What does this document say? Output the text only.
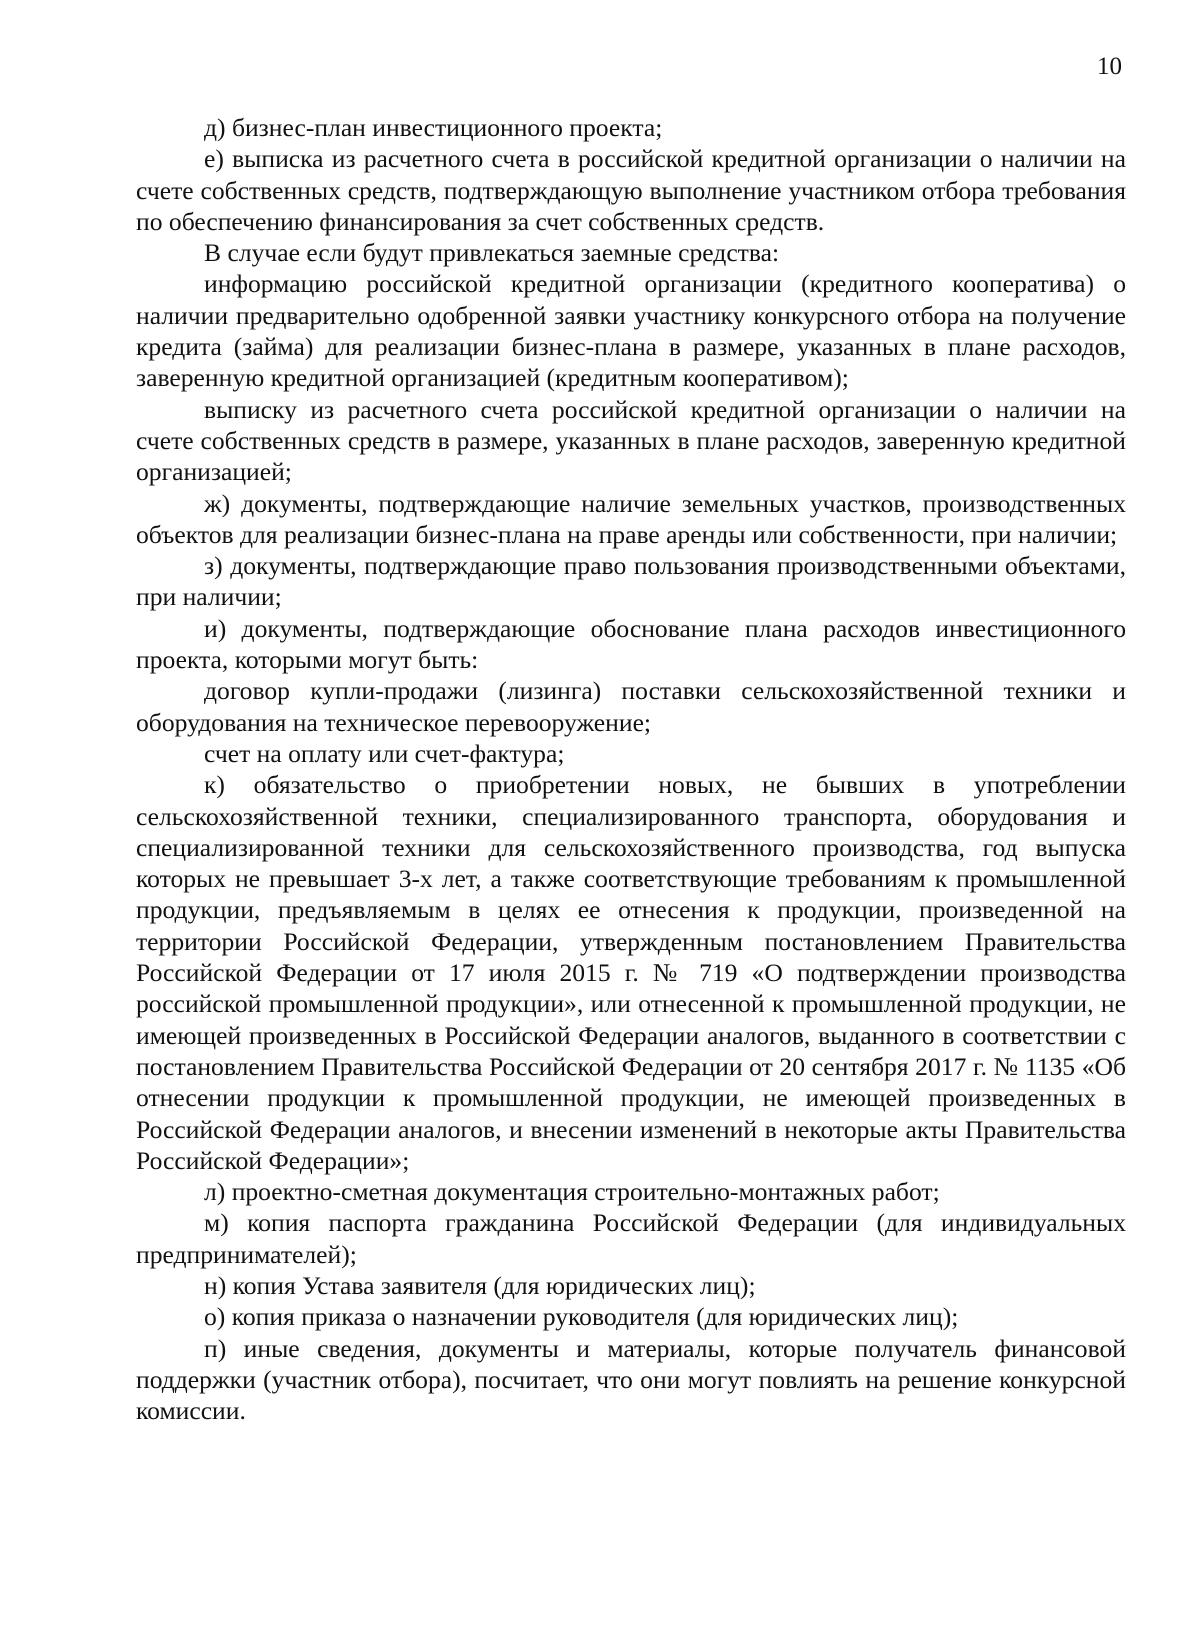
10

д) бизнес-план инвестиционного проекта;

е) выписка из расчетного счета в российской кредитной организации о наличии на счете собственных средств, подтверждающую выполнение участником отбора требования по обеспечению финансирования за счет собственных средств.

В случае если будут привлекаться заемные средства:

информацию российской кредитной организации (кредитного кооператива) о наличии предварительно одобренной заявки участнику конкурсного отбора на получение кредита (займа) для реализации бизнес-плана в размере, указанных в плане расходов, заверенную кредитной организацией (кредитным кооперативом);

выписку из расчетного счета российской кредитной организации о наличии на счете собственных средств в размере, указанных в плане расходов, заверенную кредитной организацией;

ж) документы, подтверждающие наличие земельных участков, производственных объектов для реализации бизнес-плана на праве аренды или собственности, при наличии;

з) документы, подтверждающие право пользования производственными объектами, при наличии;

и) документы, подтверждающие обоснование плана расходов инвестиционного проекта, которыми могут быть:

договор купли-продажи (лизинга) поставки сельскохозяйственной техники и оборудования на техническое перевооружение;

счет на оплату или счет-фактура;

к) обязательство о приобретении новых, не бывших в употреблении сельскохозяйственной техники, специализированного транспорта, оборудования и специализированной техники для сельскохозяйственного производства, год выпуска которых не превышает 3-х лет, а также соответствующие требованиям к промышленной продукции, предъявляемым в целях ее отнесения к продукции, произведенной на территории Российской Федерации, утвержденным постановлением Правительства Российской Федерации от 17 июля 2015 г. № 719 «О подтверждении производства российской промышленной продукции», или отнесенной к промышленной продукции, не имеющей произведенных в Российской Федерации аналогов, выданного в соответствии с постановлением Правительства Российской Федерации от 20 сентября 2017 г. № 1135 «Об отнесении продукции к промышленной продукции, не имеющей произведенных в Российской Федерации аналогов, и внесении изменений в некоторые акты Правительства Российской Федерации»;

л) проектно-сметная документация строительно-монтажных работ;

м) копия паспорта гражданина Российской Федерации (для индивидуальных предпринимателей);

н) копия Устава заявителя (для юридических лиц);

о) копия приказа о назначении руководителя (для юридических лиц);

п) иные сведения, документы и материалы, которые получатель финансовой поддержки (участник отбора), посчитает, что они могут повлиять на решение конкурсной комиссии.
